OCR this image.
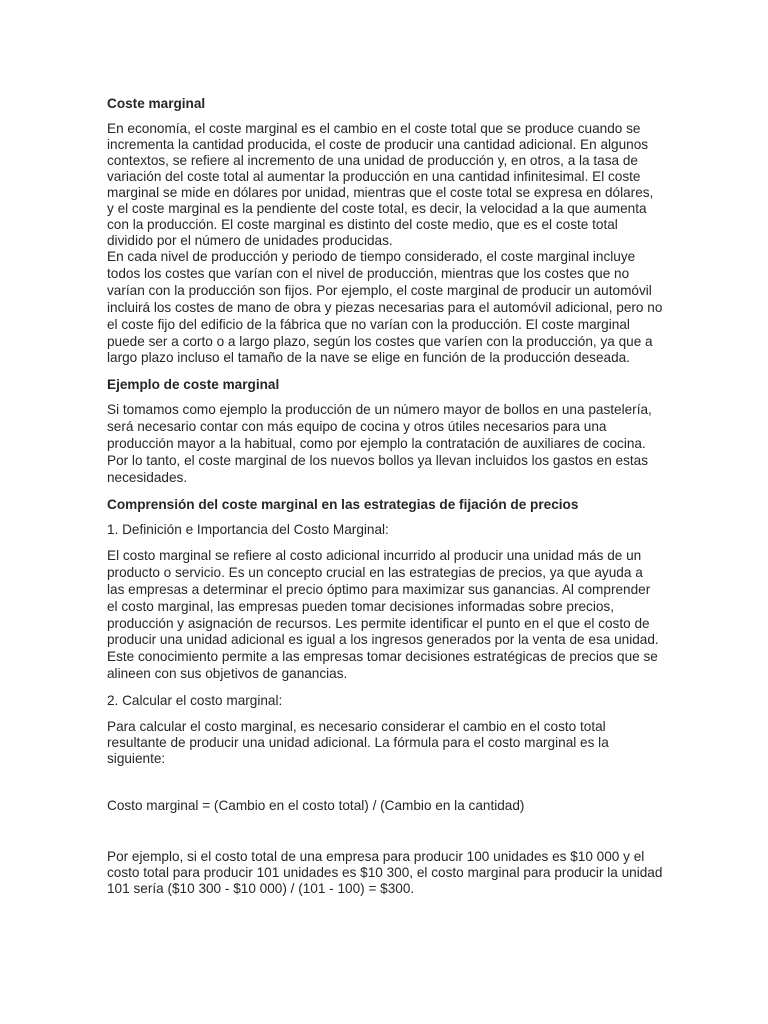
Coste marginal
En economía, el coste marginal es el cambio en el coste total que se produce cuando se incrementa la cantidad producida, el coste de producir una cantidad adicional. En algunos contextos, se refiere al incremento de una unidad de producción y, en otros, a la tasa de variación del coste total al aumentar la producción en una cantidad infinitesimal. El coste marginal se mide en dólares por unidad, mientras que el coste total se expresa en dólares, y el coste marginal es la pendiente del coste total, es decir, la velocidad a la que aumenta con la producción. El coste marginal es distinto del coste medio, que es el coste total dividido por el número de unidades producidas.
En cada nivel de producción y periodo de tiempo considerado, el coste marginal incluye todos los costes que varían con el nivel de producción, mientras que los costes que no varían con la producción son fijos. Por ejemplo, el coste marginal de producir un automóvil incluirá los costes de mano de obra y piezas necesarias para el automóvil adicional, pero no el coste fijo del edificio de la fábrica que no varían con la producción. El coste marginal puede ser a corto o a largo plazo, según los costes que varíen con la producción, ya que a largo plazo incluso el tamaño de la nave se elige en función de la producción deseada.
Ejemplo de coste marginal
Si tomamos como ejemplo la producción de un número mayor de bollos en una pastelería, será necesario contar con más equipo de cocina y otros útiles necesarios para una producción mayor a la habitual, como por ejemplo la contratación de auxiliares de cocina. Por lo tanto, el coste marginal de los nuevos bollos ya llevan incluidos los gastos en estas necesidades.
Comprensión del coste marginal en las estrategias de fijación de precios
1. Definición e Importancia del Costo Marginal:
El costo marginal se refiere al costo adicional incurrido al producir una unidad más de un producto o servicio. Es un concepto crucial en las estrategias de precios, ya que ayuda a las empresas a determinar el precio óptimo para maximizar sus ganancias. Al comprender el costo marginal, las empresas pueden tomar decisiones informadas sobre precios, producción y asignación de recursos. Les permite identificar el punto en el que el costo de producir una unidad adicional es igual a los ingresos generados por la venta de esa unidad. Este conocimiento permite a las empresas tomar decisiones estratégicas de precios que se alineen con sus objetivos de ganancias.
2. Calcular el costo marginal:
Para calcular el costo marginal, es necesario considerar el cambio en el costo total resultante de producir una unidad adicional. La fórmula para el costo marginal es la siguiente:
Costo marginal = (Cambio en el costo total) / (Cambio en la cantidad)
Por ejemplo, si el costo total de una empresa para producir 100 unidades es $10 000 y el costo total para producir 101 unidades es $10 300, el costo marginal para producir la unidad 101 sería ($10 300 - $10 000) / (101 - 100) = $300.
